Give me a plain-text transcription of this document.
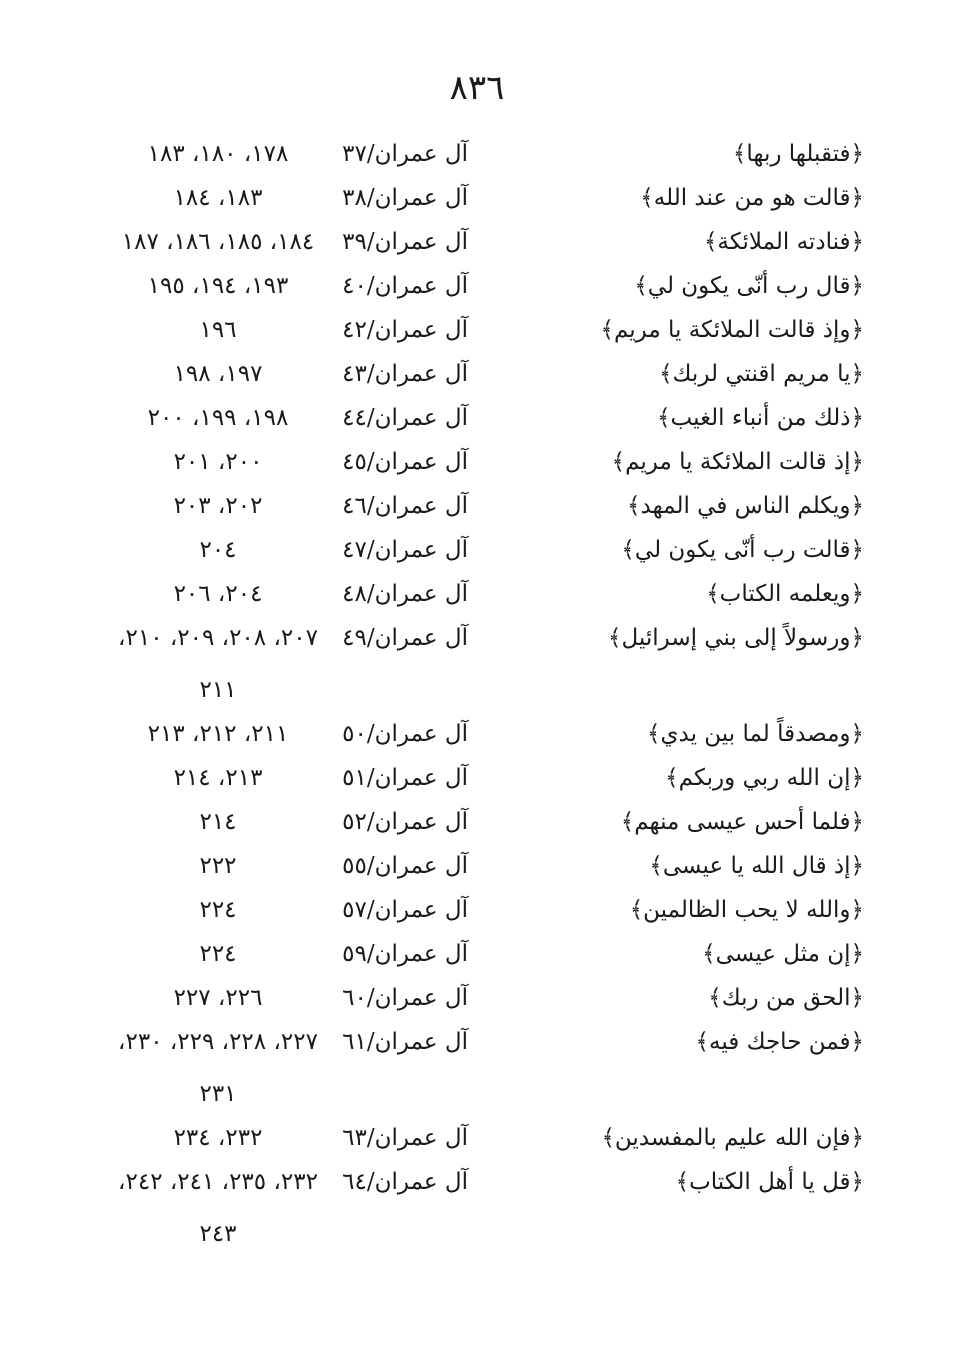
٨٣٦
﴿فتقبلها ربها﴾
آل عمران/٣٧
١٧٨، ١٨٠، ١٨٣
﴿قالت هو من عند الله﴾
آل عمران/٣٨
١٨٣، ١٨٤
﴿فنادته الملائكة﴾
آل عمران/٣٩
١٨٤، ١٨٥، ١٨٦، ١٨٧
﴿قال رب أنّى يكون لي﴾
آل عمران/٤٠
١٩٣، ١٩٤، ١٩٥
﴿وإذ قالت الملائكة يا مريم﴾
آل عمران/٤٢
١٩٦
﴿يا مريم اقنتي لربك﴾
آل عمران/٤٣
١٩٧، ١٩٨
﴿ذلك من أنباء الغيب﴾
آل عمران/٤٤
١٩٨، ١٩٩، ٢٠٠
﴿إذ قالت الملائكة يا مريم﴾
آل عمران/٤٥
٢٠٠، ٢٠١
﴿ويكلم الناس في المهد﴾
آل عمران/٤٦
٢٠٢، ٢٠٣
﴿قالت رب أنّى يكون لي﴾
آل عمران/٤٧
٢٠٤
﴿ويعلمه الكتاب﴾
آل عمران/٤٨
٢٠٤، ٢٠٦
﴿ورسولاً إلى بني إسرائيل﴾
آل عمران/٤٩
٢٠٧، ٢٠٨، ٢٠٩، ٢١٠،
٢١١
﴿ومصدقاً لما بين يدي﴾
آل عمران/٥٠
٢١١، ٢١٢، ٢١٣
﴿إن الله ربي وربكم﴾
آل عمران/٥١
٢١٣، ٢١٤
﴿فلما أحس عيسى منهم﴾
آل عمران/٥٢
٢١٤
﴿إذ قال الله يا عيسى﴾
آل عمران/٥٥
٢٢٢
﴿والله لا يحب الظالمين﴾
آل عمران/٥٧
٢٢٤
﴿إن مثل عيسى﴾
آل عمران/٥٩
٢٢٤
﴿الحق من ربك﴾
آل عمران/٦٠
٢٢٦، ٢٢٧
﴿فمن حاجك فيه﴾
آل عمران/٦١
٢٢٧، ٢٢٨، ٢٢٩، ٢٣٠،
٢٣١
﴿فإن الله عليم بالمفسدين﴾
آل عمران/٦٣
٢٣٢، ٢٣٤
﴿قل يا أهل الكتاب﴾
آل عمران/٦٤
٢٣٢، ٢٣٥، ٢٤١، ٢٤٢،
٢٤٣
